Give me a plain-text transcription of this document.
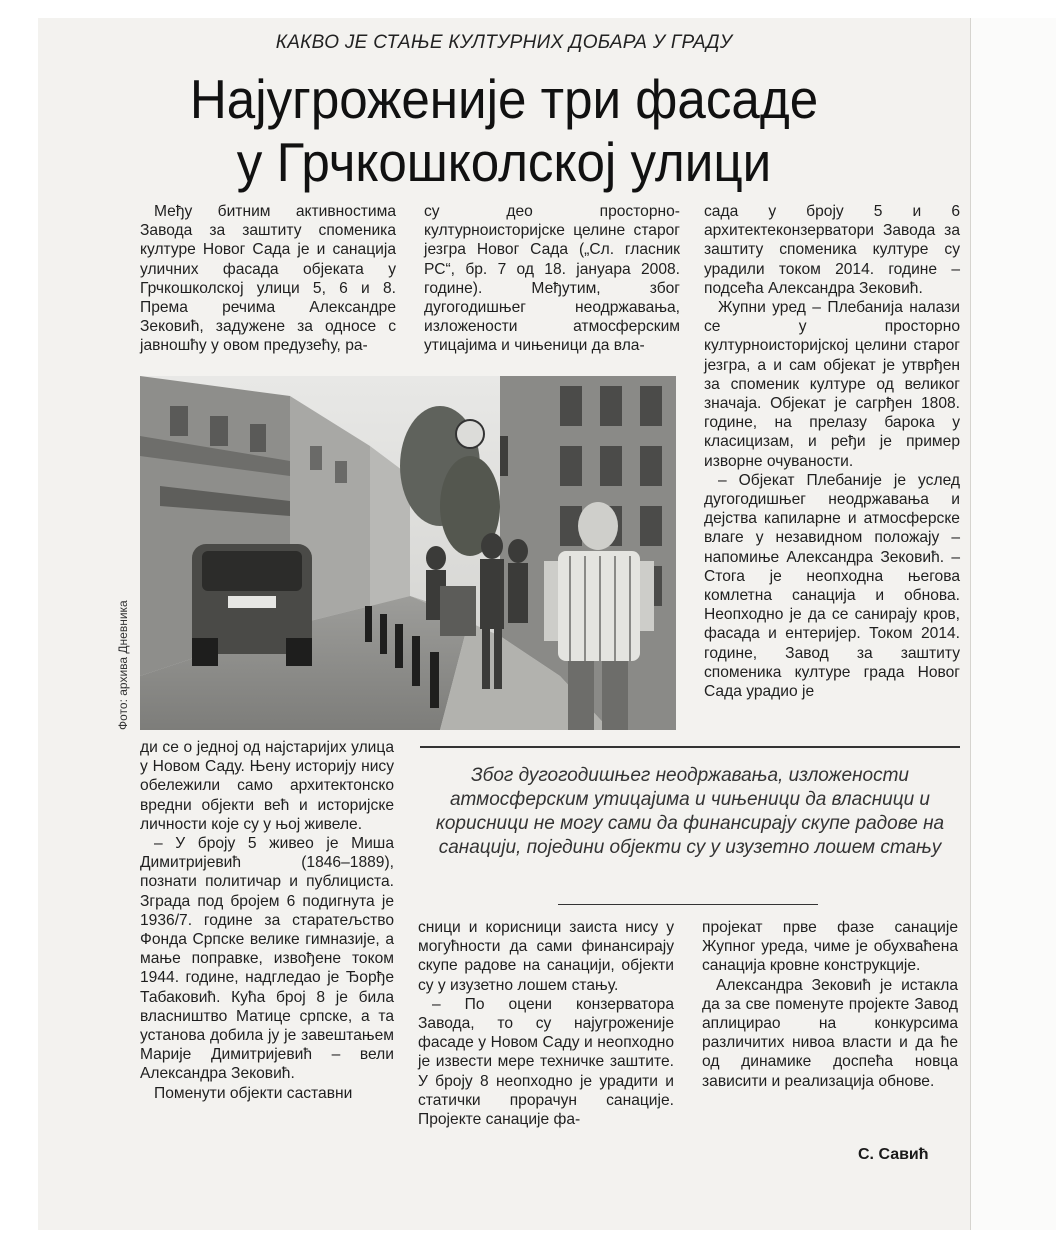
КАКВО ЈЕ СТАЊЕ КУЛТУРНИХ ДОБАРА У ГРАДУ
Најугроженије три фасаде
у Грчкошколској улици

Међу битним активностима Завода за заштиту споменика културе Новог Сада је и санација уличних фасада објеката у Грчкошколској улици 5, 6 и 8. Према речима Александре Зековић, задужене за односе с јавношћу у овом предузећу, ра-

су део просторно-културноисторијске целине старог језгра Новог Сада („Сл. гласник РС“, бр. 7 од 18. јануара 2008. године). Међутим, због дугогодишњег неодржавања, изложености атмосферским утицајима и чињеници да вла-

сада у броју 5 и 6 архитектеконзерватори Завода за заштиту споменика културе су урадили током 2014. године – подсећа Александра Зековић.

Жупни уред – Плебанија налази се у просторно културноисторијској целини старог језгра, а и сам објекат је утврђен за споменик културе од великог значаја. Објекат је сагрђен 1808. године, на прелазу барока у класицизам, и ређи је пример изворне очуваности.

– Објекат Плебаније је услед дугогодишњег неодржавања и дејства капиларне и атмосферске влаге у незавидном положају – напомиње Александра Зековић. – Стога је неопходна његова комлетна санација и обнова. Неопходно је да се санирају кров, фасада и ентеријер. Током 2014. године, Завод за заштиту споменика културе града Новог Сада урадио је

Фото: архива Дневника

ди се о једној од најстаријих улица у Новом Саду. Њену историју нису обележили само архитектонско вредни објекти већ и историјске личности које су у њој живеле.

– У броју 5 живео је Миша Димитријевић (1846–1889), познати политичар и публициста. Зграда под бројем 6 подигнута је 1936/7. године за старатељство Фонда Српске велике гимназије, а мање поправке, извођене током 1944. године, надгледао је Ђорђе Табаковић. Кућа број 8 је била власништво Матице српске, а та установа добила ју је завештањем Марије Димитријевић – вели Александра Зековић.

Поменути објекти саставни

Због дугогодишњег неодржавања, изложености атмосферским утицајима и чињеници да власници и корисници не могу сами да финансирају скупе радове на санацији, поједини објекти су у изузетно лошем стању

сници и корисници заиста нису у могућности да сами финансирају скупе радове на санацији, објекти су у изузетно лошем стању.

– По оцени конзерватора Завода, то су најугроженије фасаде у Новом Саду и неопходно је извести мере техничке заштите. У броју 8 неопходно је урадити и статички прорачун санације. Пројекте санације фа-

пројекат прве фазе санације Жупног уреда, чиме је обухваћена санација кровне конструкције.

Александра Зековић је истакла да за све поменуте пројекте Завод аплицирао на конкурсима различитих нивоа власти и да ће од динамике доспећа новца зависити и реализација обнове.

С. Савић
